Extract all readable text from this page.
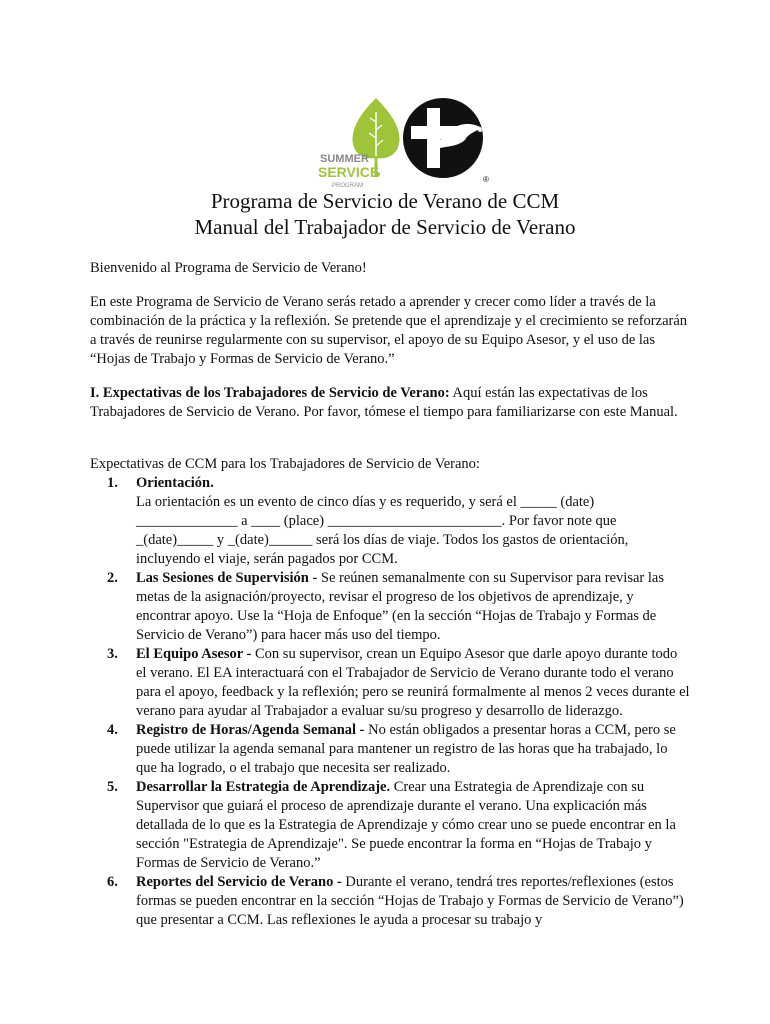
SUMMER
SERVICE
PROGRAM
®
Programa de Servicio de Verano de CCM
Manual del Trabajador de Servicio de Verano
Bienvenido al Programa de Servicio de Verano!
En este Programa de Servicio de Verano serás retado a aprender y crecer como líder a través de la combinación de la práctica y la reflexión. Se pretende que el aprendizaje y el crecimiento se reforzarán a través de reunirse regularmente con su supervisor, el apoyo de su Equipo Asesor, y el uso de las “Hojas de Trabajo y Formas de Servicio de Verano.”
I. Expectativas de los Trabajadores de Servicio de Verano: Aquí están las expectativas de los Trabajadores de Servicio de Verano. Por favor, tómese el tiempo para familiarizarse con este Manual.
Expectativas de CCM para los Trabajadores de Servicio de Verano:
1. Orientación.
La orientación es un evento de cinco días y es requerido, y será el _____ (date) ______________ a ____ (place) ________________________. Por favor note que _(date)_____ y _(date)______ será los días de viaje. Todos los gastos de orientación, incluyendo el viaje, serán pagados por CCM.
2. Las Sesiones de Supervisión - Se reúnen semanalmente con su Supervisor para revisar las metas de la asignación/proyecto, revisar el progreso de los objetivos de aprendizaje, y encontrar apoyo. Use la “Hoja de Enfoque” (en la sección “Hojas de Trabajo y Formas de Servicio de Verano”) para hacer más uso del tiempo.
3. El Equipo Asesor - Con su supervisor, crean un Equipo Asesor que darle apoyo durante todo el verano. El EA interactuará con el Trabajador de Servicio de Verano durante todo el verano para el apoyo, feedback y la reflexión; pero se reunirá formalmente al menos 2 veces durante el verano para ayudar al Trabajador a evaluar su/su progreso y desarrollo de liderazgo.
4. Registro de Horas/Agenda Semanal - No están obligados a presentar horas a CCM, pero se puede utilizar la agenda semanal para mantener un registro de las horas que ha trabajado, lo que ha logrado, o el trabajo que necesita ser realizado.
5. Desarrollar la Estrategia de Aprendizaje. Crear una Estrategia de Aprendizaje con su Supervisor que guiará el proceso de aprendizaje durante el verano. Una explicación más detallada de lo que es la Estrategia de Aprendizaje y cómo crear uno se puede encontrar en la sección "Estrategia de Aprendizaje". Se puede encontrar la forma en “Hojas de Trabajo y Formas de Servicio de Verano.”
6. Reportes del Servicio de Verano - Durante el verano, tendrá tres reportes/reflexiones (estos formas se pueden encontrar en la sección “Hojas de Trabajo y Formas de Servicio de Verano”) que presentar a CCM. Las reflexiones le ayuda a procesar su trabajo y
